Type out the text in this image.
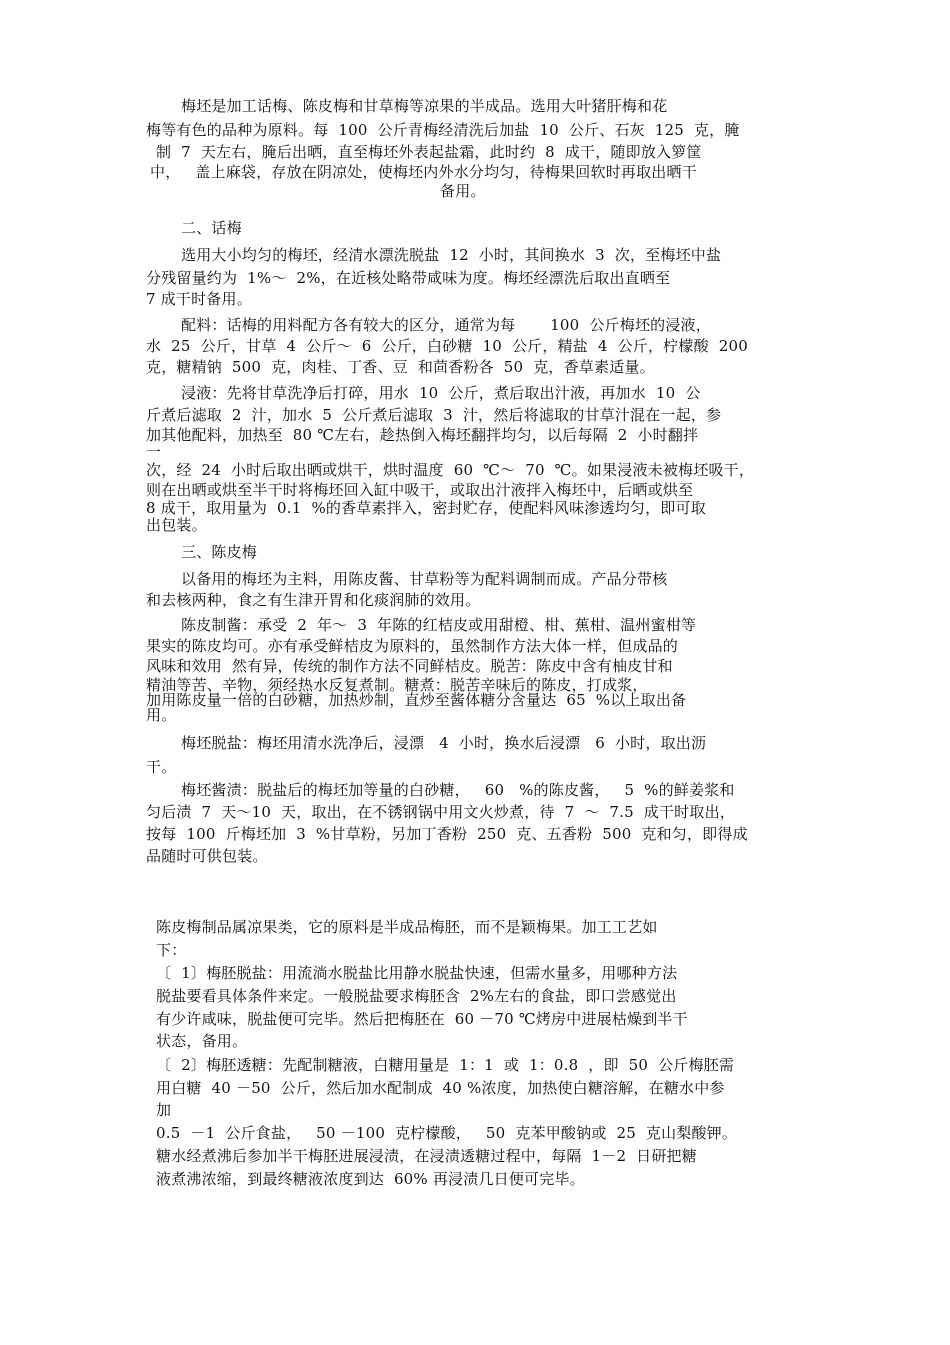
梅坯是加工话梅、陈皮梅和甘草梅等凉果的半成品。选用大叶猪肝梅和花
梅等有色的品种为原料。每  100  公斤青梅经清洗后加盐  10  公斤、石灰  125  克，腌
制  7  天左右，腌后出晒，直至梅坯外表起盐霜，此时约  8  成干，随即放入箩筐
中，   盖上麻袋，存放在阴凉处，使梅坯内外水分均匀，待梅果回软时再取出晒干
备用。
二、话梅
选用大小均匀的梅坯，经清水漂洗脱盐  12  小时，其间换水  3  次，至梅坯中盐
分残留量约为  1%～  2%，在近核处略带咸味为度。梅坯经漂洗后取出直晒至
7 成干时备用。
配料：话梅的用料配方各有较大的区分，通常为每       100  公斤梅坯的浸液，
水  25  公斤，甘草  4  公斤～  6  公斤，白砂糖  10  公斤，精盐  4  公斤，柠檬酸  200
克，糖精钠  500  克，肉桂、丁香、豆  和茴香粉各  50  克，香草素适量。
浸液：先将甘草洗净后打碎，用水  10  公斤，煮后取出汁液，再加水  10  公
斤煮后滤取  2  汁，加水  5  公斤煮后滤取  3  汁，然后将滤取的甘草汁混在一起，参
加其他配料，加热至  80 ℃左右，趁热倒入梅坯翻拌均匀，以后每隔  2  小时翻拌
一
次，经  24  小时后取出晒或烘干，烘时温度  60  ℃～  70  ℃。如果浸液未被梅坯吸干，
则在出晒或烘至半干时将梅坯回入缸中吸干，或取出汁液拌入梅坯中，后晒或烘至
8 成干，取用量为  0.1  %的香草素拌入，密封贮存，使配料风味渗透均匀，即可取
出包装。
三、陈皮梅
以备用的梅坯为主料，用陈皮酱、甘草粉等为配料调制而成。产品分带核
和去核两种，食之有生津开胃和化痰润肺的效用。
陈皮制酱：承受  2  年～  3  年陈的红桔皮或用甜橙、柑、蕉柑、温州蜜柑等
果实的陈皮均可。亦有承受鲜桔皮为原料的，虽然制作方法大体一样，但成品的
风味和效用  然有异，传统的制作方法不同鲜桔皮。脱苦：陈皮中含有柚皮甘和
精油等苦、辛物，须经热水反复煮制。糖煮：脱苦辛味后的陈皮，打成浆，
加用陈皮量一倍的白砂糖，加热炒制，直炒至酱体糖分含量达  65  %以上取出备
用。
梅坯脱盐：梅坯用清水洗净后，浸漂   4  小时，换水后浸漂   6  小时，取出沥
干。
梅坯酱渍：脱盐后的梅坯加等量的白砂糖，   60   %的陈皮酱，   5  %的鲜姜浆和
匀后渍  7  天～10  天，取出，在不锈钢锅中用文火炒煮，待  7  ～  7.5  成干时取出，
按每  100  斤梅坯加  3  %甘草粉，另加丁香粉  250  克、五香粉  500  克和匀，即得成
品随时可供包装。
陈皮梅制品属凉果类，它的原料是半成品梅胚，而不是颖梅果。加工工艺如
下：
〔  1〕梅胚脱盐：用流淌水脱盐比用静水脱盐快速，但需水量多，用哪种方法
脱盐要看具体条件来定。一般脱盐要求梅胚含  2%左右的食盐，即口尝感觉出
有少许咸味，脱盐便可完毕。然后把梅胚在  60 －70 ℃烤房中进展枯燥到半干
状态，备用。
〔  2〕梅胚透糖：先配制糖液，白糖用量是  1：1  或  1：0.8  ，即  50  公斤梅胚需
用白糖  40 －50  公斤，然后加水配制成  40 %浓度，加热使白糖溶解，在糖水中参
加
0.5  －1  公斤食盐，   50 －100  克柠檬酸，   50  克苯甲酸钠或  25  克山梨酸钾。
糖水经煮沸后参加半干梅胚进展浸渍，在浸渍透糖过程中，每隔  1－2  日研把糖
液煮沸浓缩，到最终糖液浓度到达  60% 再浸渍几日便可完毕。
